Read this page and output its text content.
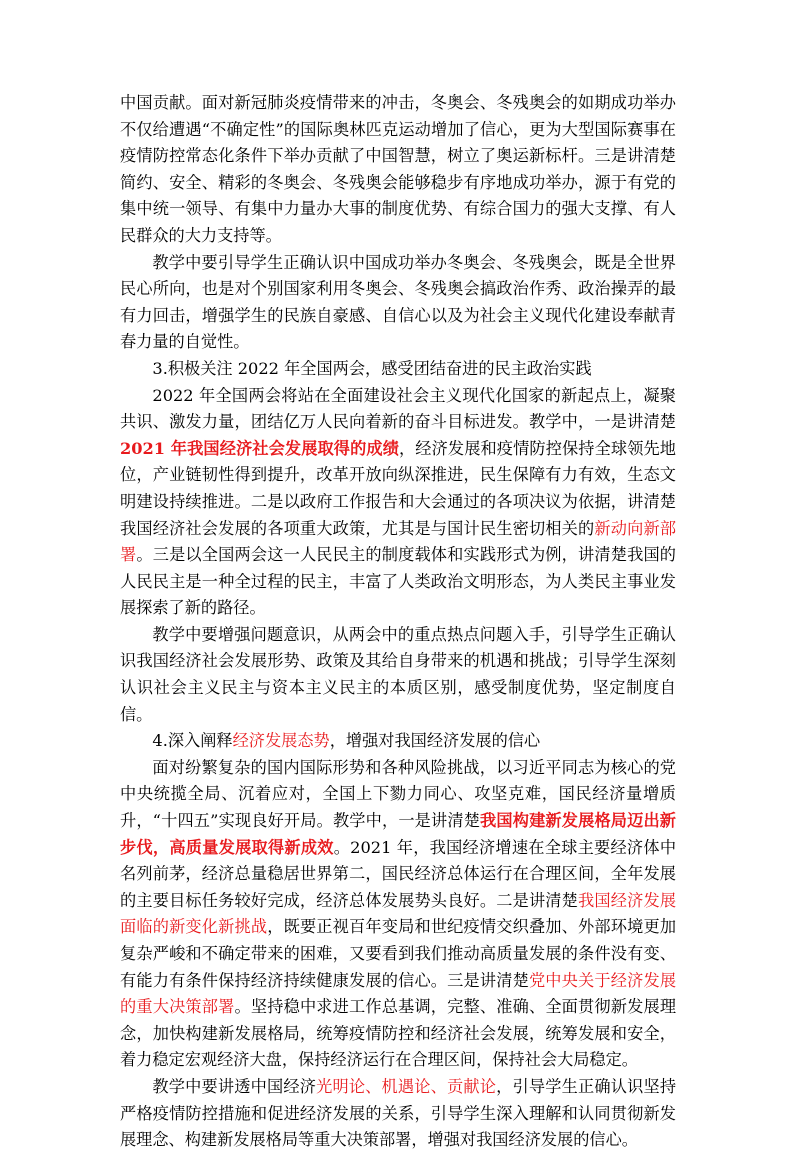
中国贡献。面对新冠肺炎疫情带来的冲击，冬奥会、冬残奥会的如期成功举办不仅给遭遇“不确定性”的国际奥林匹克运动增加了信心，更为大型国际赛事在疫情防控常态化条件下举办贡献了中国智慧，树立了奥运新标杆。三是讲清楚简约、安全、精彩的冬奥会、冬残奥会能够稳步有序地成功举办，源于有党的集中统一领导、有集中力量办大事的制度优势、有综合国力的强大支撑、有人民群众的大力支持等。

教学中要引导学生正确认识中国成功举办冬奥会、冬残奥会，既是全世界民心所向，也是对个别国家利用冬奥会、冬残奥会搞政治作秀、政治操弄的最有力回击，增强学生的民族自豪感、自信心以及为社会主义现代化建设奉献青春力量的自觉性。

3.积极关注 2022 年全国两会，感受团结奋进的民主政治实践

2022 年全国两会将站在全面建设社会主义现代化国家的新起点上，凝聚共识、激发力量，团结亿万人民向着新的奋斗目标进发。教学中，一是讲清楚 2021 年我国经济社会发展取得的成绩，经济发展和疫情防控保持全球领先地位，产业链韧性得到提升，改革开放向纵深推进，民生保障有力有效，生态文明建设持续推进。二是以政府工作报告和大会通过的各项决议为依据，讲清楚我国经济社会发展的各项重大政策，尤其是与国计民生密切相关的新动向新部署。三是以全国两会这一人民民主的制度载体和实践形式为例，讲清楚我国的人民民主是一种全过程的民主，丰富了人类政治文明形态，为人类民主事业发展探索了新的路径。

教学中要增强问题意识，从两会中的重点热点问题入手，引导学生正确认识我国经济社会发展形势、政策及其给自身带来的机遇和挑战；引导学生深刻认识社会主义民主与资本主义民主的本质区别，感受制度优势，坚定制度自信。

4.深入阐释经济发展态势，增强对我国经济发展的信心

面对纷繁复杂的国内国际形势和各种风险挑战，以习近平同志为核心的党中央统揽全局、沉着应对，全国上下勠力同心、攻坚克难，国民经济量增质升，“十四五”实现良好开局。教学中，一是讲清楚我国构建新发展格局迈出新步伐，高质量发展取得新成效。2021 年，我国经济增速在全球主要经济体中名列前茅，经济总量稳居世界第二，国民经济总体运行在合理区间，全年发展的主要目标任务较好完成，经济总体发展势头良好。二是讲清楚我国经济发展面临的新变化新挑战，既要正视百年变局和世纪疫情交织叠加、外部环境更加复杂严峻和不确定带来的困难，又要看到我们推动高质量发展的条件没有变、有能力有条件保持经济持续健康发展的信心。三是讲清楚党中央关于经济发展的重大决策部署。坚持稳中求进工作总基调，完整、准确、全面贯彻新发展理念，加快构建新发展格局，统筹疫情防控和经济社会发展，统筹发展和安全，着力稳定宏观经济大盘，保持经济运行在合理区间，保持社会大局稳定。

教学中要讲透中国经济光明论、机遇论、贡献论，引导学生正确认识坚持严格疫情防控措施和促进经济发展的关系，引导学生深入理解和认同贯彻新发展理念、构建新发展格局等重大决策部署，增强对我国经济发展的信心。
